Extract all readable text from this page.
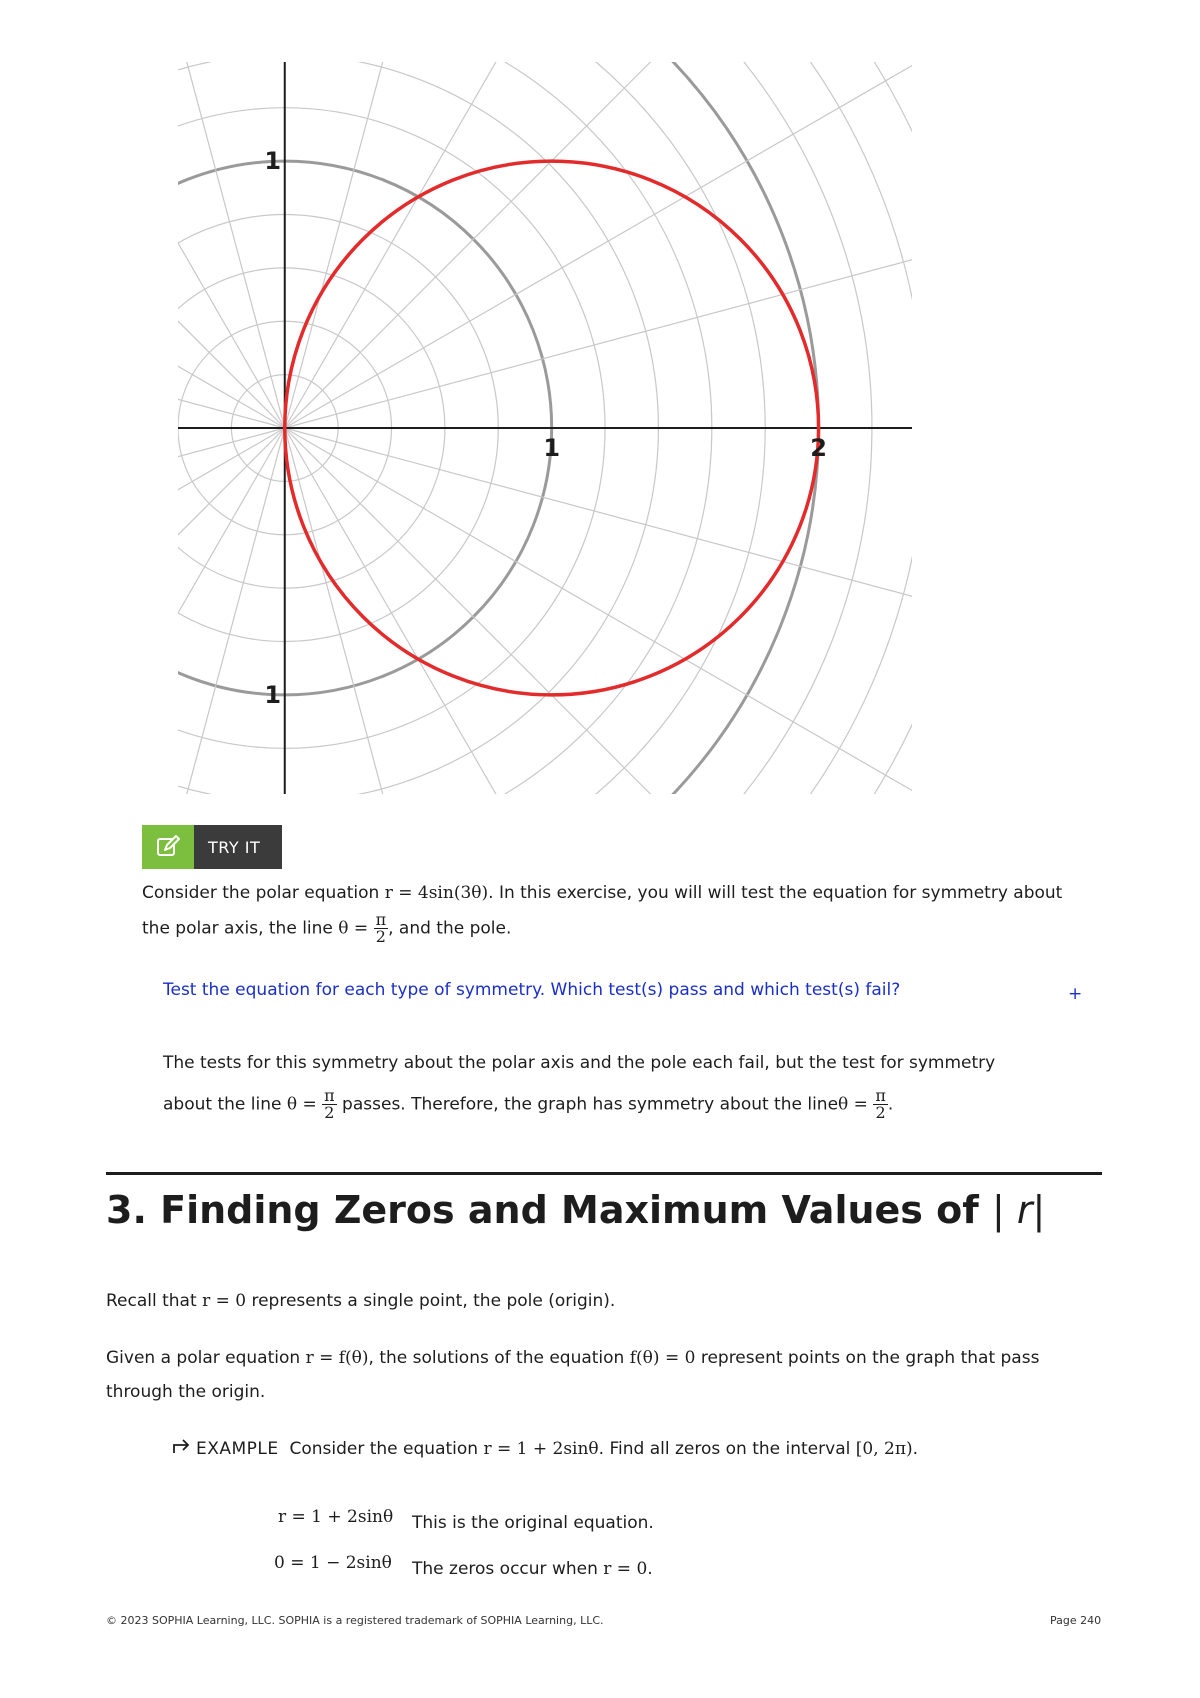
1	2
1
1
TRY IT
Consider the polar equation r = 4sin(3θ). In this exercise, you will will test the equation for symmetry about
the polar axis, the line $\theta = \frac{\pi}{2}$ , and the pole.
Test the equation for each type of symmetry. Which test(s) pass and which test(s) fail?	+
The tests for this symmetry about the polar axis and the pole each fail, but the test for symmetry
about the line $\theta = \frac{\pi}{2}$ passes. Therefore, the graph has symmetry about the lineθ = $\frac{\pi}{2}$ .
3. Finding Zeros and Maximum Values of | r|
Recall that r = 0 represents a single point, the pole (origin).
Given a polar equation r = f(θ), the solutions of the equation f(θ) = 0 represent points on the graph that pass
through the origin.
EXAMPLE Consider the equation r = 1 + 2sinθ. Find all zeros on the interval [0, 2π).
r = 1 + 2sinθ This is the original equation.
0 = 1 − 2sinθ The zeros occur when r = 0.
© 2023 SOPHIA Learning, LLC. SOPHIA is a registered trademark of SOPHIA Learning, LLC.	Page 240
